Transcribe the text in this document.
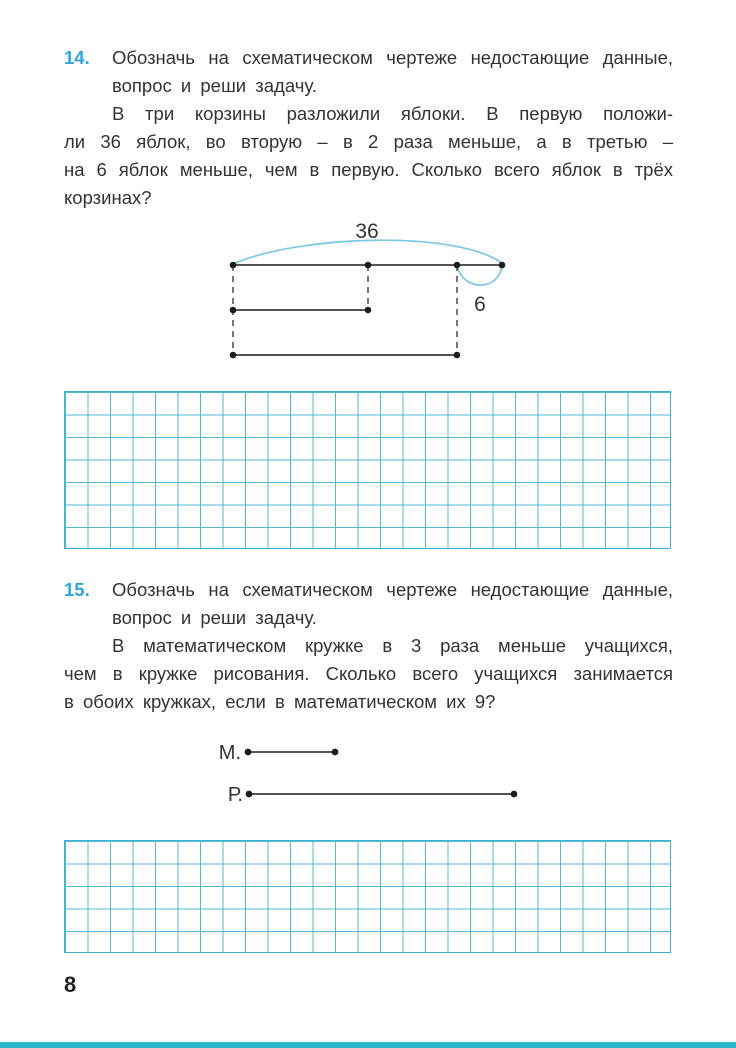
14. Обозначь на схематическом чертеже недостающие данные,
вопрос и реши задачу.
В три корзины разложили яблоки. В первую положи-
ли 36 яблок, во вторую – в 2 раза меньше, а в третью –
на 6 яблок меньше, чем в первую. Сколько всего яблок в трёх
корзинах?
36
6
15. Обозначь на схематическом чертеже недостающие данные,
вопрос и реши задачу.
В математическом кружке в 3 раза меньше учащихся,
чем в кружке рисования. Сколько всего учащихся занимается
в обоих кружках, если в математическом их 9?
М.
Р.
8
